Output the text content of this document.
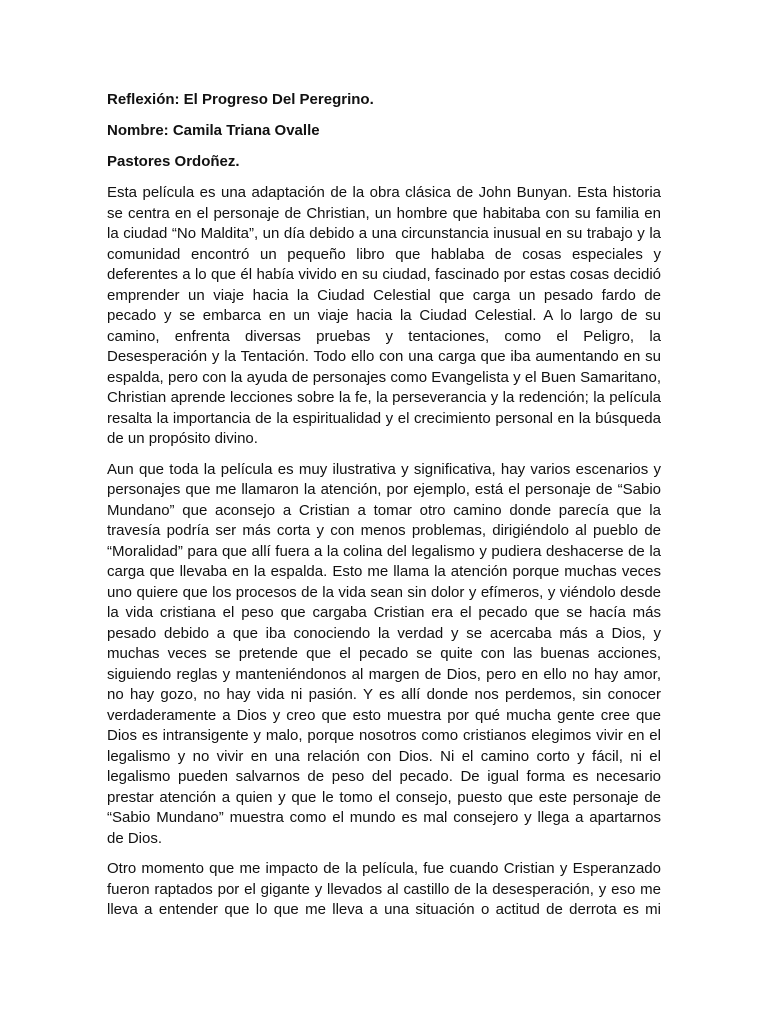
Reflexión: El Progreso Del Peregrino.

Nombre: Camila Triana Ovalle

Pastores Ordoñez.

Esta película es una adaptación de la obra clásica de John Bunyan. Esta historia se centra en el personaje de Christian, un hombre que habitaba con su familia en la ciudad “No Maldita”, un día debido a una circunstancia inusual en su trabajo y la comunidad encontró un pequeño libro que hablaba de cosas especiales y deferentes a lo que él había vivido en su ciudad, fascinado por estas cosas decidió emprender un viaje hacia la Ciudad Celestial que carga un pesado fardo de pecado y se embarca en un viaje hacia la Ciudad Celestial. A lo largo de su camino, enfrenta diversas pruebas y tentaciones, como el Peligro, la Desesperación y la Tentación. Todo ello con una carga que iba aumentando en su espalda, pero con la ayuda de personajes como Evangelista y el Buen Samaritano, Christian aprende lecciones sobre la fe, la perseverancia y la redención; la película resalta la importancia de la espiritualidad y el crecimiento personal en la búsqueda de un propósito divino.

Aun que toda la película es muy ilustrativa y significativa, hay varios escenarios y personajes que me llamaron la atención, por ejemplo, está el personaje de “Sabio Mundano” que aconsejo a Cristian a tomar otro camino donde parecía que la travesía podría ser más corta y con menos problemas, dirigiéndolo al pueblo de “Moralidad” para que allí fuera a la colina del legalismo y pudiera deshacerse de la carga que llevaba en la espalda. Esto me llama la atención porque muchas veces uno quiere que los procesos de la vida sean sin dolor y efímeros, y viéndolo desde la vida cristiana el peso que cargaba Cristian era el pecado que se hacía más pesado debido a que iba conociendo la verdad y se acercaba más a Dios, y muchas veces se pretende que el pecado se quite con las buenas acciones, siguiendo reglas y manteniéndonos al margen de Dios, pero en ello no hay amor, no hay gozo, no hay vida ni pasión. Y es allí donde nos perdemos, sin conocer verdaderamente a Dios y creo que esto muestra por qué mucha gente cree que Dios es intransigente y malo, porque nosotros como cristianos elegimos vivir en el legalismo y no vivir en una relación con Dios. Ni el camino corto y fácil, ni el legalismo pueden salvarnos de peso del pecado. De igual forma es necesario prestar atención a quien y que le tomo el consejo, puesto que este personaje de “Sabio Mundano” muestra como el mundo es mal consejero y llega a apartarnos de Dios.

Otro momento que me impacto de la película, fue cuando Cristian y Esperanzado fueron raptados por el gigante y llevados al castillo de la desesperación, y eso me lleva a entender que lo que me lleva a una situación o actitud de derrota es mi
